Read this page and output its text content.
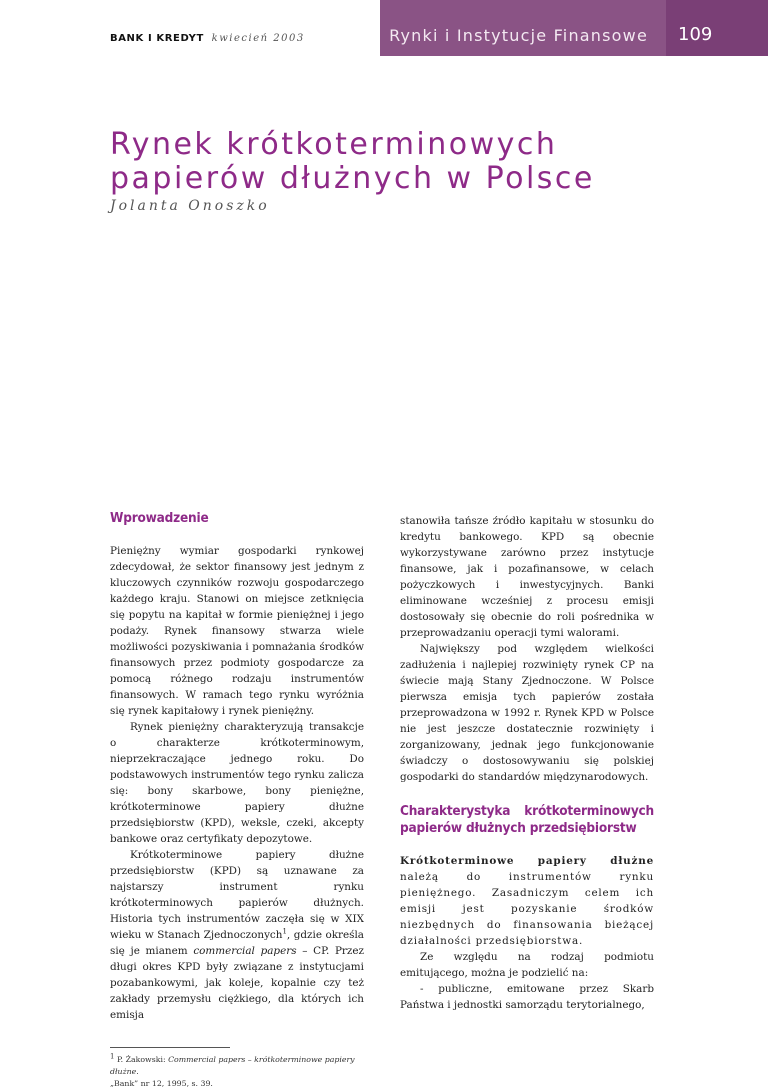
BANK I KREDYT kwiecień 2003	Rynki i Instytucje Finansowe 109
Rynek krótkoterminowych papierów dłużnych w Polsce
Jolanta Onoszko
Wprowadzenie

Pieniężny wymiar gospodarki rynkowej zdecydował, że sektor finansowy jest jednym z kluczowych czynników rozwoju gospodarczego każdego kraju. Stanowi on miejsce zetknięcia się popytu na kapitał w formie pieniężnej i jego podaży. Rynek finansowy stwarza wiele możliwości pozyskiwania i pomnażania środków finansowych przez podmioty gospodarcze za pomocą różnego rodzaju instrumentów finansowych. W ramach tego rynku wyróżnia się rynek kapitałowy i rynek pieniężny.

Rynek pieniężny charakteryzują transakcje o charakterze krótkoterminowym, nieprzekraczające jednego roku. Do podstawowych instrumentów tego rynku zalicza się: bony skarbowe, bony pieniężne, krótkoterminowe papiery dłużne przedsiębiorstw (KPD), weksle, czeki, akcepty bankowe oraz certyfikaty depozytowe.

Krótkoterminowe papiery dłużne przedsiębiorstw (KPD) są uznawane za najstarszy instrument rynku krótkoterminowych papierów dłużnych. Historia tych instrumentów zaczęła się w XIX wieku w Stanach Zjednoczonych$^1$, gdzie określa się je mianem commercial papers – CP. Przez długi okres KPD były związane z instytucjami pozabankowymi, jak koleje, kopalnie czy też zakłady przemysłu ciężkiego, dla których ich emisja

$^1$ P. Żakowski: Commercial papers – krótkoterminowe papiery dłużne.
„Bank” nr 12, 1995, s. 39.

stanowiła tańsze źródło kapitału w stosunku do kredytu bankowego. KPD są obecnie wykorzystywane zarówno przez instytucje finansowe, jak i pozafinansowe, w celach pożyczkowych i inwestycyjnych. Banki eliminowane wcześniej z procesu emisji dostosowały się obecnie do roli pośrednika w przeprowadzaniu operacji tymi walorami.

Największy pod względem wielkości zadłużenia i najlepiej rozwinięty rynek CP na świecie mają Stany Zjednoczone. W Polsce pierwsza emisja tych papierów została przeprowadzona w 1992 r. Rynek KPD w Polsce nie jest jeszcze dostatecznie rozwinięty i zorganizowany, jednak jego funkcjonowanie świadczy o dostosowywaniu się polskiej gospodarki do standardów międzynarodowych.

Charakterystyka krótkoterminowych papierów dłużnych przedsiębiorstw

Krótkoterminowe papiery dłużne należą do instrumentów rynku pieniężnego. Zasadniczym celem ich emisji jest pozyskanie środków niezbędnych do finansowania bieżącej działalności przedsiębiorstwa.

Ze względu na rodzaj podmiotu emitującego, można je podzielić na:

- publiczne, emitowane przez Skarb Państwa i jednostki samorządu terytorialnego,
